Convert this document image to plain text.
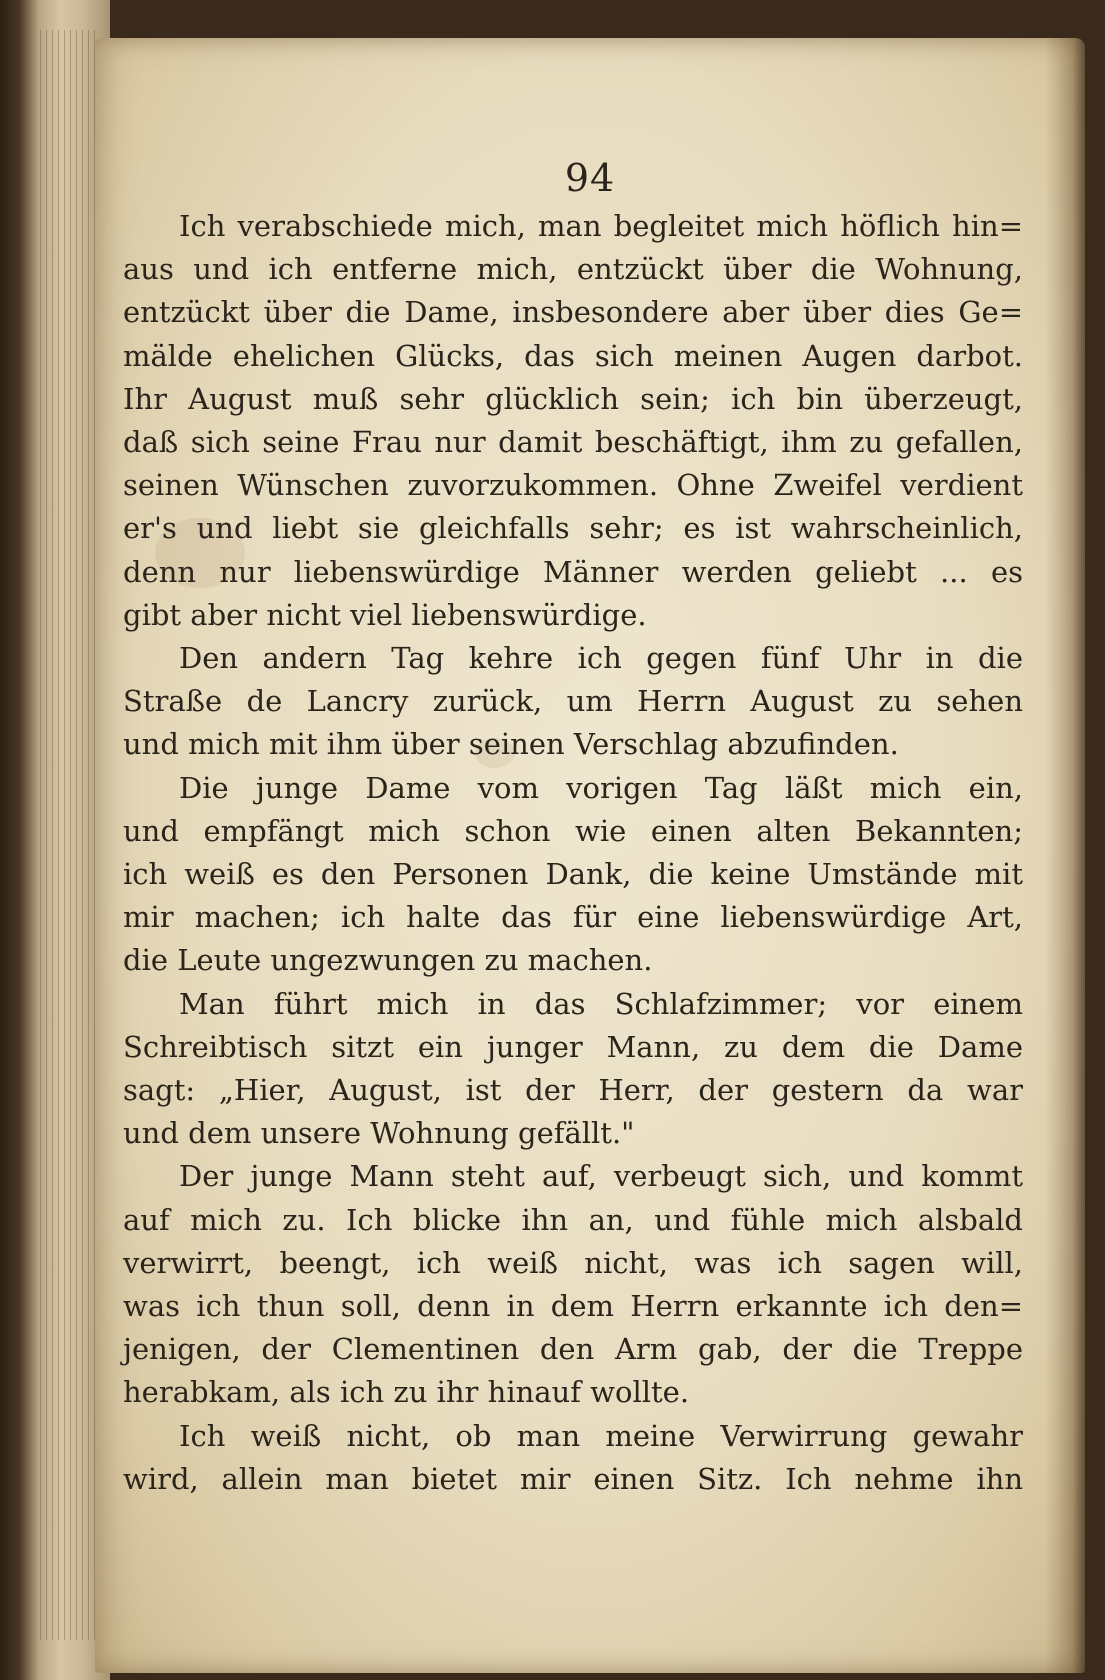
94

Ich verabschiede mich, man begleitet mich höflich hin=

aus und ich entferne mich, entzückt über die Wohnung,

entzückt über die Dame, insbesondere aber über dies Ge=

mälde ehelichen Glücks, das sich meinen Augen darbot.

Ihr August muß sehr glücklich sein; ich bin überzeugt,

daß sich seine Frau nur damit beschäftigt, ihm zu gefallen,

seinen Wünschen zuvorzukommen. Ohne Zweifel verdient

er's und liebt sie gleichfalls sehr; es ist wahrscheinlich,

denn nur liebenswürdige Männer werden geliebt ... es

gibt aber nicht viel liebenswürdige.

Den andern Tag kehre ich gegen fünf Uhr in die

Straße de Lancry zurück, um Herrn August zu sehen

und mich mit ihm über seinen Verschlag abzufinden.

Die junge Dame vom vorigen Tag läßt mich ein,

und empfängt mich schon wie einen alten Bekannten;

ich weiß es den Personen Dank, die keine Umstände mit

mir machen; ich halte das für eine liebenswürdige Art,

die Leute ungezwungen zu machen.

Man führt mich in das Schlafzimmer; vor einem

Schreibtisch sitzt ein junger Mann, zu dem die Dame

sagt: „Hier, August, ist der Herr, der gestern da war

und dem unsere Wohnung gefällt."

Der junge Mann steht auf, verbeugt sich, und kommt

auf mich zu. Ich blicke ihn an, und fühle mich alsbald

verwirrt, beengt, ich weiß nicht, was ich sagen will,

was ich thun soll, denn in dem Herrn erkannte ich den=

jenigen, der Clementinen den Arm gab, der die Treppe

herabkam, als ich zu ihr hinauf wollte.

Ich weiß nicht, ob man meine Verwirrung gewahr

wird, allein man bietet mir einen Sitz. Ich nehme ihn
